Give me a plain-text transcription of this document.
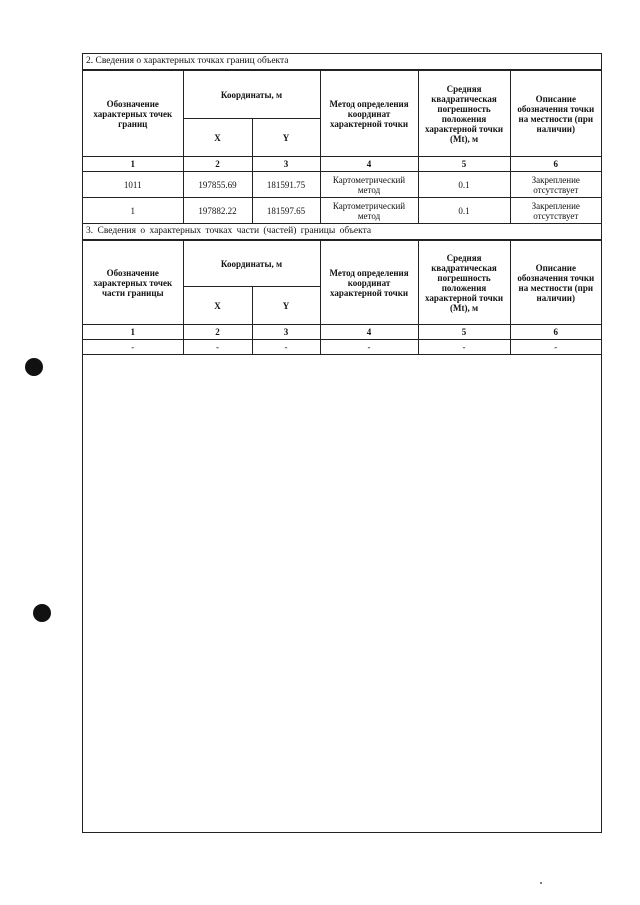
2. Сведения о характерных точках границ объекта
Обозначение характерных точек границ	Координаты, м		Метод определения координат характерной точки	Средняя квадратическая погрешность положения характерной точки (Mt), м	Описание обозначения точки на местности (при наличии)
	X	Y			
1	2	3	4	5	6
1011	197855.69	181591.75	Картометрический метод	0.1	Закрепление отсутствует
1	197882.22	181597.65	Картометрический метод	0.1	Закрепление отсутствует
3. Сведения о характерных точках части (частей) границы объекта
Обозначение характерных точек части границы	Координаты, м		Метод определения координат характерной точки	Средняя квадратическая погрешность положения характерной точки (Mt), м	Описание обозначения точки на местности (при наличии)
	X	Y			
1	2	3	4	5	6
-	-	-	-	-	-
